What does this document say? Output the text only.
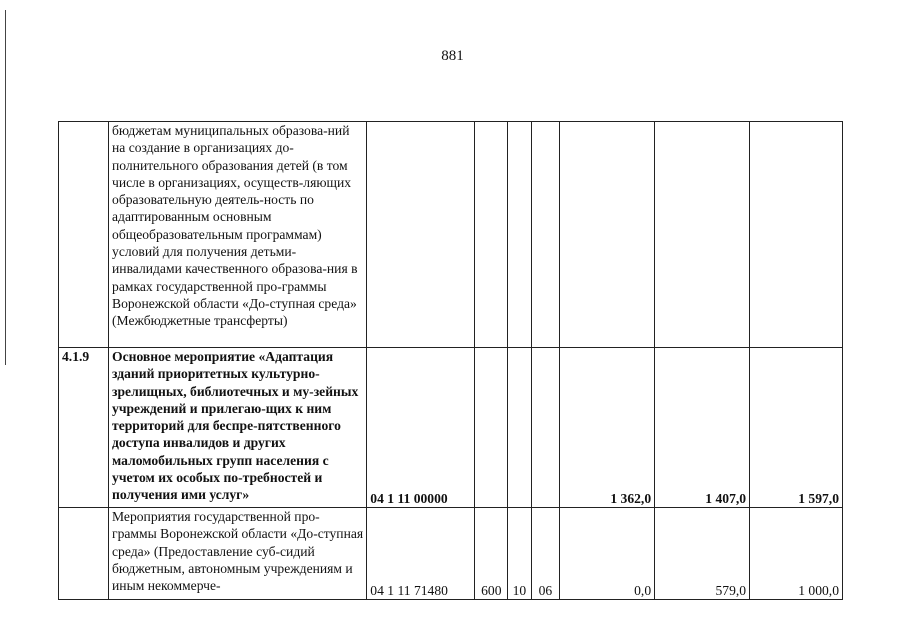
881
	бюджетам муниципальных образова-ний на создание в организациях до-полнительного образования детей (в том числе в организациях, осуществ-ляющих образовательную деятель-ность по адаптированным основным общеобразовательным программам) условий для получения детьми-инвалидами качественного образова-ния в рамках государственной про-граммы Воронежской области «До-ступная среда» (Межбюджетные трансферты)							
4.1.9	Основное мероприятие «Адаптация зданий приоритетных культурно-зрелищных, библиотечных и му-зейных учреждений и прилегаю-щих к ним территорий для беспре-пятственного доступа инвалидов и других маломобильных групп населения с учетом их особых по-требностей и получения ими услуг»	04 1 11 00000				1 362,0	1 407,0	1 597,0
	Мероприятия государственной про-граммы Воронежской области «До-ступная среда» (Предоставление суб-сидий бюджетным, автономным учреждениям и иным некоммерче-	04 1 11 71480	600	10	06	0,0	579,0	1 000,0
